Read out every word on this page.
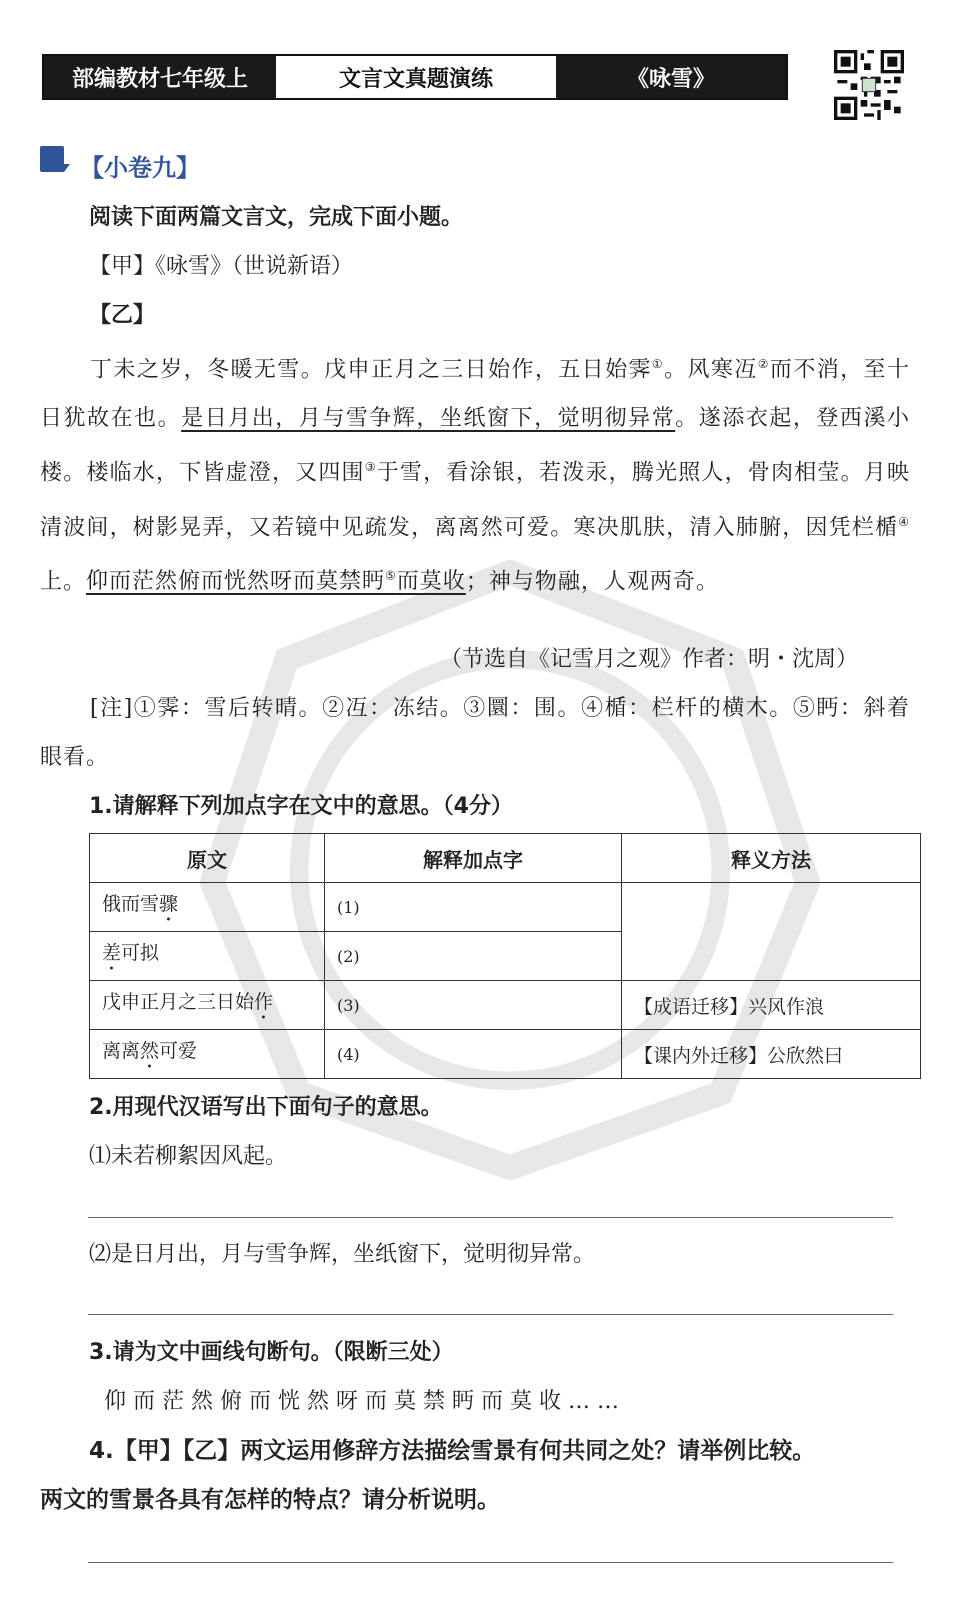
部编教材七年级上	文言文真题演练	《咏雪》
【小卷九】
阅读下面两篇文言文，完成下面小题。
【甲】《咏雪》（世说新语）
【乙】
丁未之岁，冬暖无雪。戊申正月之三日始作，五日始霁①。风寒冱②而不消，至十日犹故在也。是日月出，月与雪争辉，坐纸窗下，觉明彻异常。遂添衣起，登西溪小楼。楼临水，下皆虚澄，又四围③于雪，看涂银，若泼汞，腾光照人，骨肉相莹。月映清波间，树影晃弄，又若镜中见疏发，离离然可爱。寒决肌肤，清入肺腑，因凭栏楯④上。仰而茫然俯而恍然呀而莫禁眄⑤而莫收；神与物融，人观两奇。
（节选自《记雪月之观》作者：明・沈周）
[注]①霁：雪后转晴。②冱：冻结。③圜：围。④楯：栏杆的横木。⑤眄：斜着眼看。
1.请解释下列加点字在文中的意思。（4分）
原文	解释加点字	释义方法
俄而雪骤	(1)	
差可拟	(2)	
戊申正月之三日始作	(3)	【成语迁移】兴风作浪
离离然可爱	(4)	【课内外迁移】公欣然曰
2.用现代汉语写出下面句子的意思。
⑴未若柳絮因风起。
⑵是日月出，月与雪争辉，坐纸窗下，觉明彻异常。
3.请为文中画线句断句。（限断三处）
仰而茫然俯而恍然呀而莫禁眄而莫收……
4.【甲】【乙】两文运用修辞方法描绘雪景有何共同之处？请举例比较。
两文的雪景各具有怎样的特点？请分析说明。
